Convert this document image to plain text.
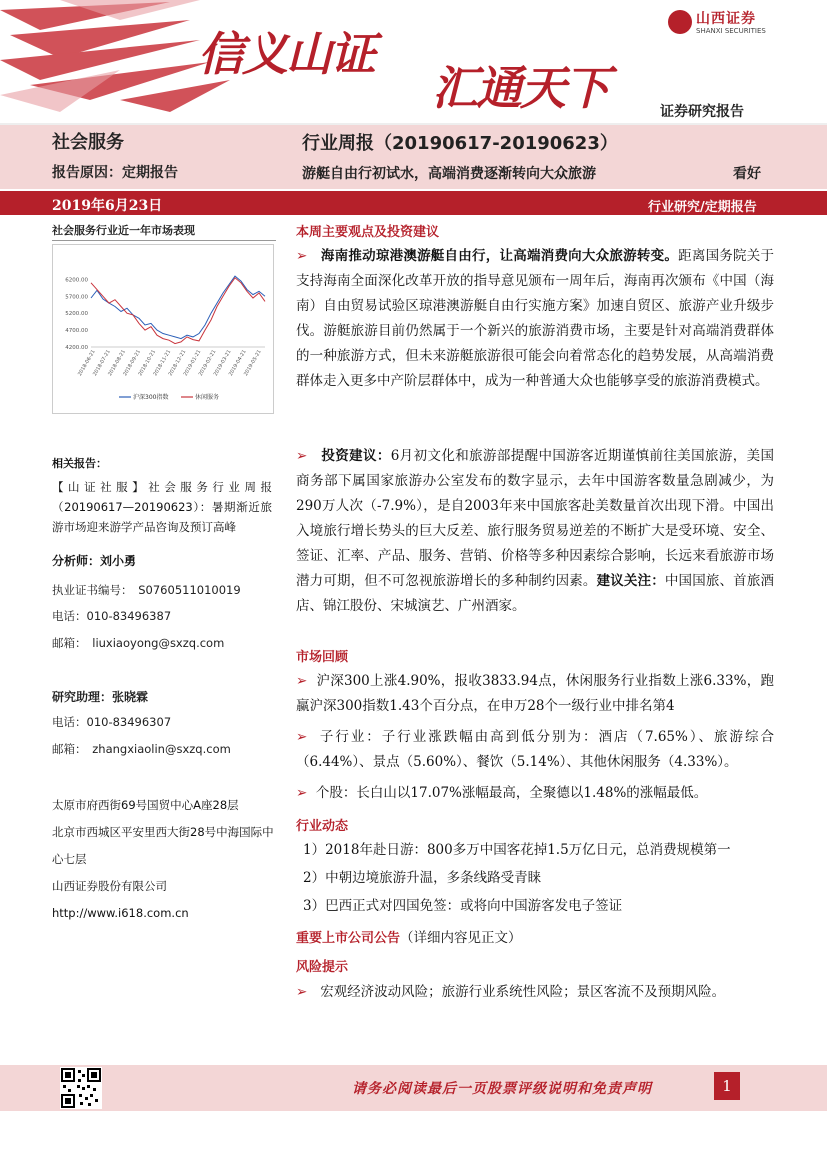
信义山证
汇通天下
山西证券
SHANXI SECURITIES
证券研究报告
社会服务
报告原因：定期报告
行业周报（20190617-20190623）
游艇自由行初试水，高端消费逐渐转向大众旅游	看好
2019年6月23日	行业研究/定期报告
社会服务行业近一年市场表现
6200.00
5700.00
5200.00
4700.00
4200.00
2018-06-21
2018-07-21
2018-08-21
2018-09-21
2018-10-21
2018-11-21
2018-12-21
2019-01-21
2019-02-21
2019-03-21
2019-04-21
2019-05-21
沪深300指数	休闲服务
相关报告：
【山证社服】社会服务行业周报（20190617—20190623）：暑期渐近旅游市场迎来游学产品咨询及预订高峰
分析师：刘小勇
执业证书编号：　S0760511010019
电话：010-83496387
邮箱：　liuxiaoyong@sxzq.com
研究助理：张晓霖
电话：010-83496307
邮箱：　zhangxiaolin@sxzq.com
太原市府西街69号国贸中心A座28层
北京市西城区平安里西大街28号中海国际中心七层
山西证券股份有限公司
http://www.i618.com.cn
本周主要观点及投资建议
➢ 海南推动琼港澳游艇自由行，让高端消费向大众旅游转变。距离国务院关于支持海南全面深化改革开放的指导意见颁布一周年后，海南再次颁布《中国（海南）自由贸易试验区琼港澳游艇自由行实施方案》加速自贸区、旅游产业升级步伐。游艇旅游目前仍然属于一个新兴的旅游消费市场，主要是针对高端消费群体的一种旅游方式，但未来游艇旅游很可能会向着常态化的趋势发展，从高端消费群体走入更多中产阶层群体中，成为一种普通大众也能够享受的旅游消费模式。
➢ 投资建议：6月初文化和旅游部提醒中国游客近期谨慎前往美国旅游，美国商务部下属国家旅游办公室发布的数字显示，去年中国游客数量急剧减少，为290万人次（-7.9%），是自2003年来中国旅客赴美数量首次出现下滑。中国出入境旅行增长势头的巨大反差、旅行服务贸易逆差的不断扩大是受环境、安全、签证、汇率、产品、服务、营销、价格等多种因素综合影响，长远来看旅游市场潜力可期，但不可忽视旅游增长的多种制约因素。建议关注：中国国旅、首旅酒店、锦江股份、宋城演艺、广州酒家。
市场回顾
➢ 沪深300上涨4.90%，报收3833.94点，休闲服务行业指数上涨6.33%，跑赢沪深300指数1.43个百分点，在申万28个一级行业中排名第4
➢ 子行业：子行业涨跌幅由高到低分别为：酒店（7.65%）、旅游综合（6.44%）、景点（5.60%）、餐饮（5.14%）、其他休闲服务（4.33%）。
➢ 个股：长白山以17.07%涨幅最高，全聚德以1.48%的涨幅最低。
行业动态
1）2018年赴日游：800多万中国客花掉1.5万亿日元，总消费规模第一
2）中朝边境旅游升温，多条线路受青睐
3）巴西正式对四国免签：或将向中国游客发电子签证
重要上市公司公告（详细内容见正文）
风险提示
➢ 宏观经济波动风险；旅游行业系统性风险；景区客流不及预期风险。
请务必阅读最后一页股票评级说明和免责声明	1
